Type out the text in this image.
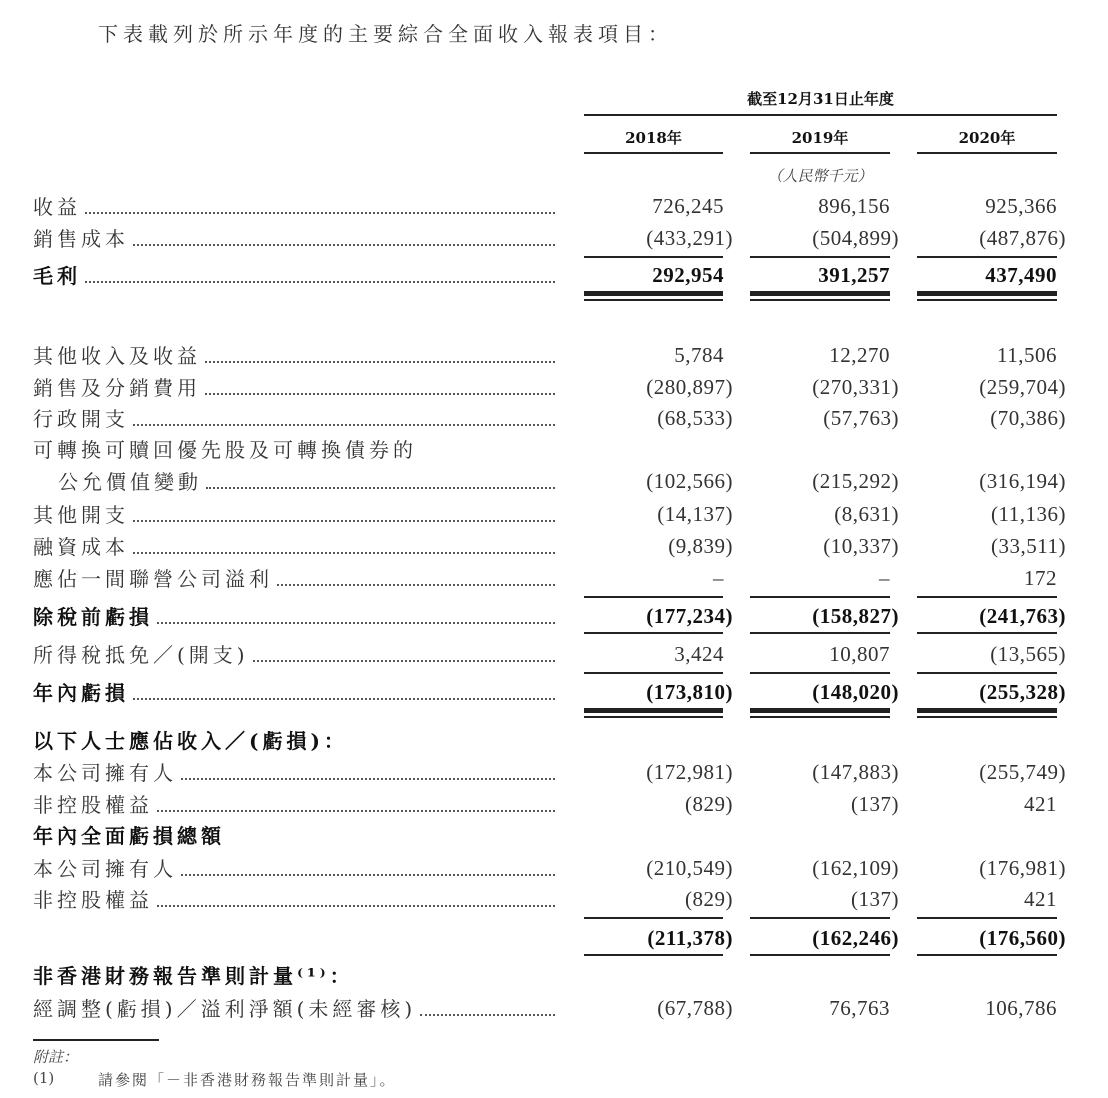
下表載列於所示年度的主要綜合全面收入報表項目：
截至12月31日止年度
2018年	2019年	2020年
（人民幣千元）
收益	726,245	896,156	925,366
銷售成本	(433,291)	(504,899)	(487,876)
毛利	292,954	391,257	437,490
其他收入及收益	5,784	12,270	11,506
銷售及分銷費用	(280,897)	(270,331)	(259,704)
行政開支	(68,533)	(57,763)	(70,386)
可轉換可贖回優先股及可轉換債券的
公允價值變動	(102,566)	(215,292)	(316,194)
其他開支	(14,137)	(8,631)	(11,136)
融資成本	(9,839)	(10,337)	(33,511)
應佔一間聯營公司溢利	–	–	172
除稅前虧損	(177,234)	(158,827)	(241,763)
所得稅抵免／(開支)	3,424	10,807	(13,565)
年內虧損	(173,810)	(148,020)	(255,328)
以下人士應佔收入／(虧損)：
本公司擁有人	(172,981)	(147,883)	(255,749)
非控股權益	(829)	(137)	421
年內全面虧損總額
本公司擁有人	(210,549)	(162,109)	(176,981)
非控股權益	(829)	(137)	421
(211,378)	(162,246)	(176,560)
非香港財務報告準則計量⁽¹⁾：
經調整(虧損)／溢利淨額(未經審核)	(67,788)	76,763	106,786
附註：
(1)	請參閱「－非香港財務報告準則計量」。
